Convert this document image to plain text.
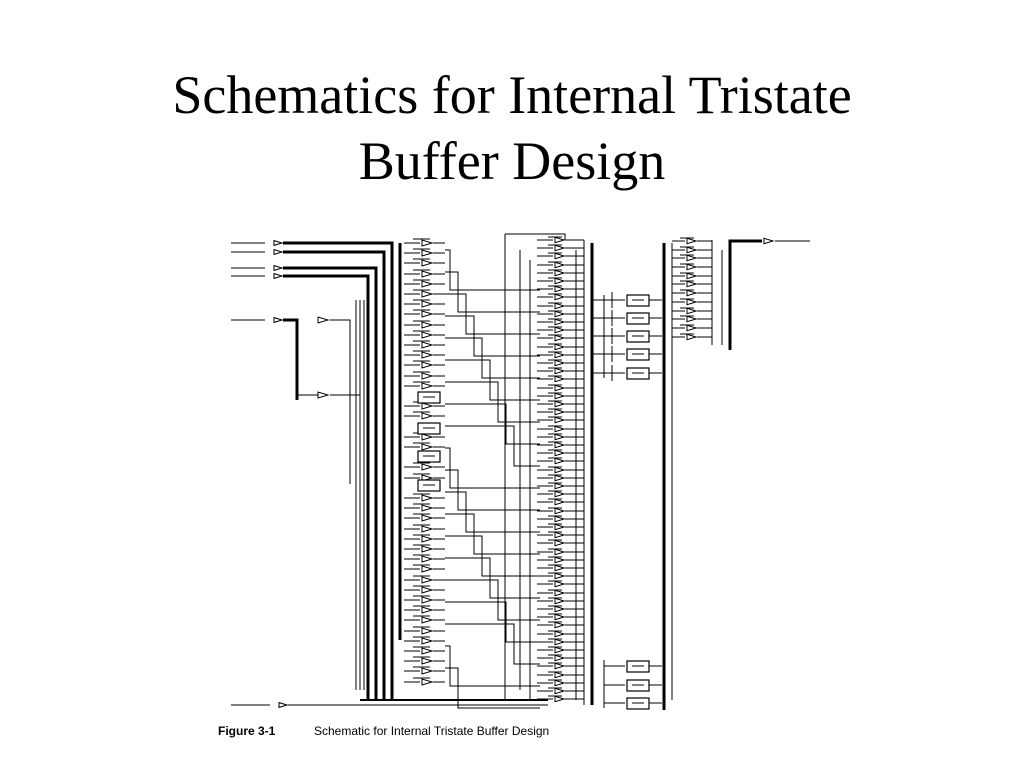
Schematics for Internal Tristate
Buffer Design
Figure 3-1	Schematic for Internal Tristate Buffer Design
